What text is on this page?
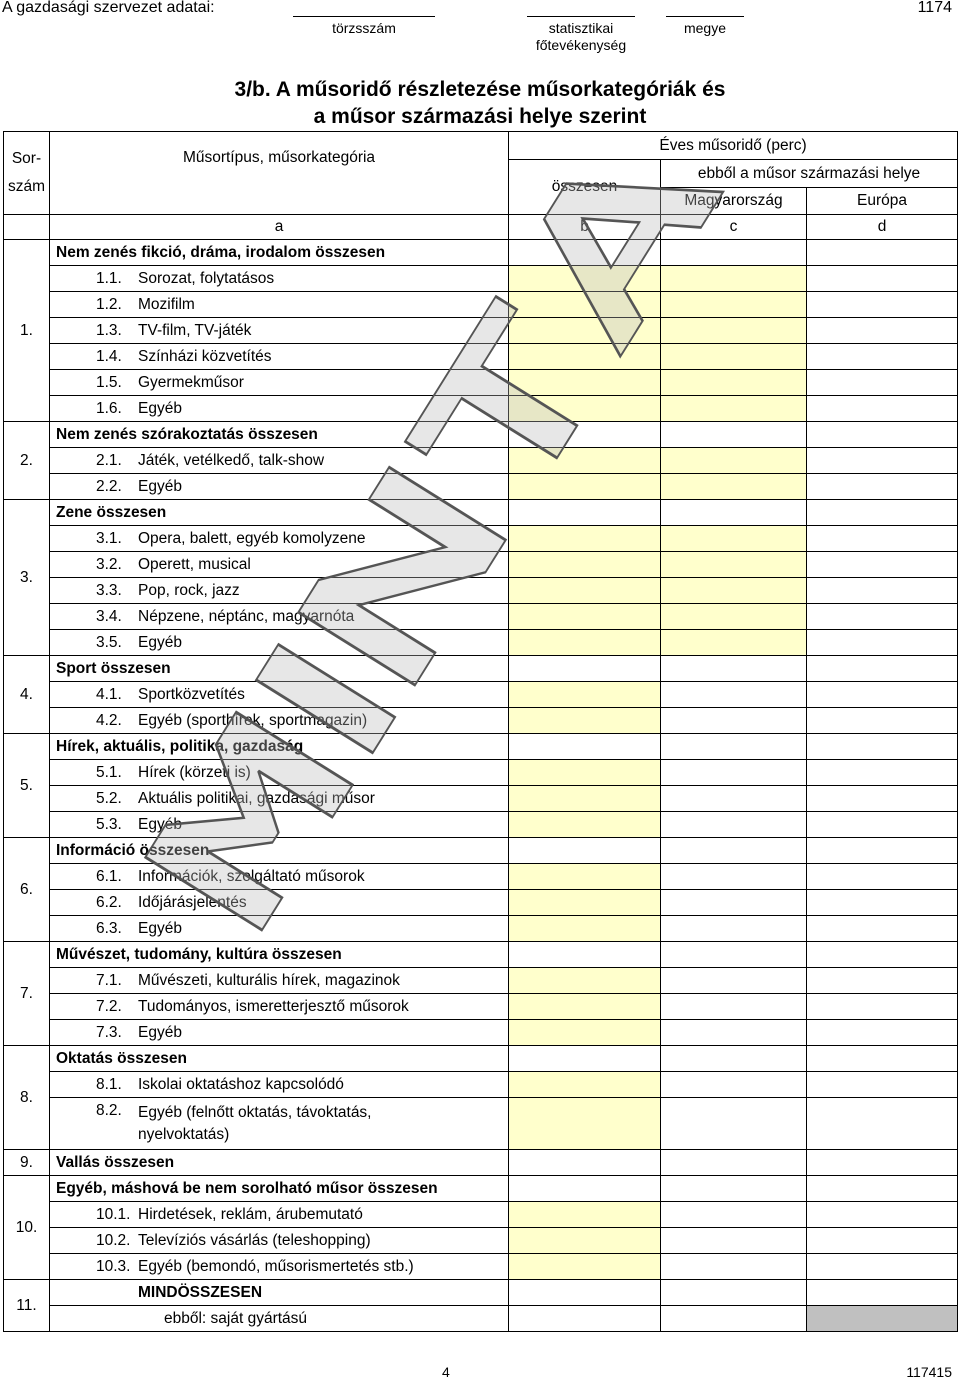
A gazdasági szervezet adatai:	1174
törzsszám	statisztikai
főtevékenység
megye
3/b. A műsoridő részletezése műsorkategóriák és
a műsor származási helye szerint
Sor-
szám	Műsortípus, műsorkategória	Éves műsoridő (perc)		
		összesen	ebből a műsor származási helye	
			Magyarország	Európa
	a	b	c	d
1.	Nem zenés fikció, dráma, irodalom összesen			
	1.1. Sorozat, folytatásos			
	1.2. Mozifilm			
	1.3. TV-film, TV-játék			
	1.4. Színházi közvetítés			
	1.5. Gyermekműsor			
	1.6. Egyéb			
2.	Nem zenés szórakoztatás összesen			
	2.1. Játék, vetélkedő, talk-show			
	2.2. Egyéb			
3.	Zene összesen			
	3.1. Opera, balett, egyéb komolyzene			
	3.2. Operett, musical			
	3.3. Pop, rock, jazz			
	3.4. Népzene, néptánc, magyarnóta			
	3.5. Egyéb			
4.	Sport összesen			
	4.1. Sportközvetítés			
	4.2. Egyéb (sporthírek, sportmagazin)			
5.	Hírek, aktuális, politika, gazdaság			
	5.1. Hírek (körzeti is)			
	5.2. Aktuális politikai, gazdasági műsor			
	5.3. Egyéb			
6.	Információ összesen			
	6.1. Információk, szolgáltató műsorok			
	6.2. Időjárásjelentés			
	6.3. Egyéb			
7.	Művészet, tudomány, kultúra összesen			
	7.1. Művészeti, kulturális hírek, magazinok			
	7.2. Tudományos, ismeretterjesztő műsorok			
	7.3. Egyéb			
8.	Oktatás összesen			
	8.1. Iskolai oktatáshoz kapcsolódó			
	8.2. Egyéb (felnőtt oktatás, távoktatás,
nyelvoktatás)			
9.	Vallás összesen			
10.	Egyéb, máshová be nem sorolható műsor összesen			
	10.1. Hirdetések, reklám, árubemutató			
	10.2. Televíziós vásárlás (teleshopping)			
	10.3. Egyéb (bemondó, műsorismertetés stb.)			
11.	MINDÖSSZESEN			
	ebből: saját gyártású			
MINTA
4	117415
